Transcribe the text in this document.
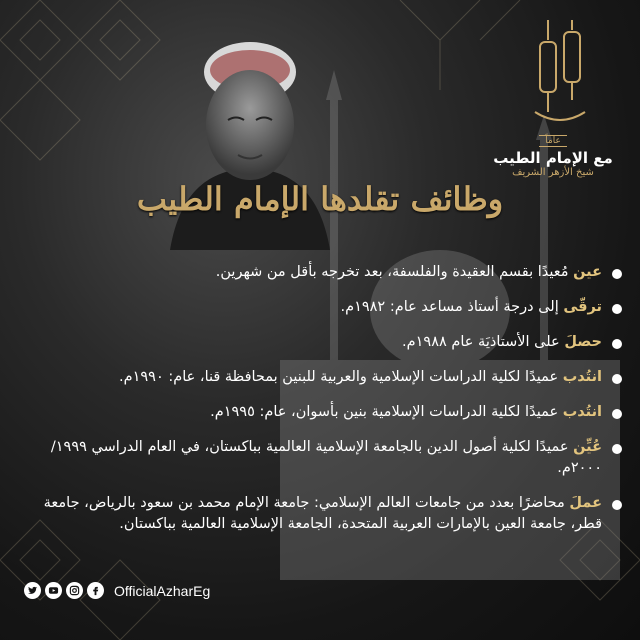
عاماً
مع الإمام الطيب
شيخ الأزهر الشريف
وظائف تقلدها الإمام الطيب
عين مُعيدًا بقسم العقيدة والفلسفة، بعد تخرجه بأقل من شهرين.
ترقّى إلى درجة أستاذ مساعد عام: ١٩٨٢م.
حصلَ على الأستاذيَة عام ١٩٨٨م.
انتُدب عميدًا لكلية الدراسات الإسلامية والعربية للبنين بمحافظة قنا، عام: ١٩٩٠م.
انتُدب عميدًا لكلية الدراسات الإسلامية بنين بأسوان، عام: ١٩٩٥م.
عُيِّن عميدًا لكلية أصول الدين بالجامعة الإسلامية العالمية بباكستان، في العام الدراسي ١٩٩٩/ ٢٠٠٠م.
عملَ محاضرًا بعدد من جامعات العالم الإسلامي: جامعة الإمام محمد بن سعود بالرياض، جامعة قطر، جامعة العين بالإمارات العربية المتحدة، الجامعة الإسلامية العالمية بباكستان.
OfficialAzharEg
